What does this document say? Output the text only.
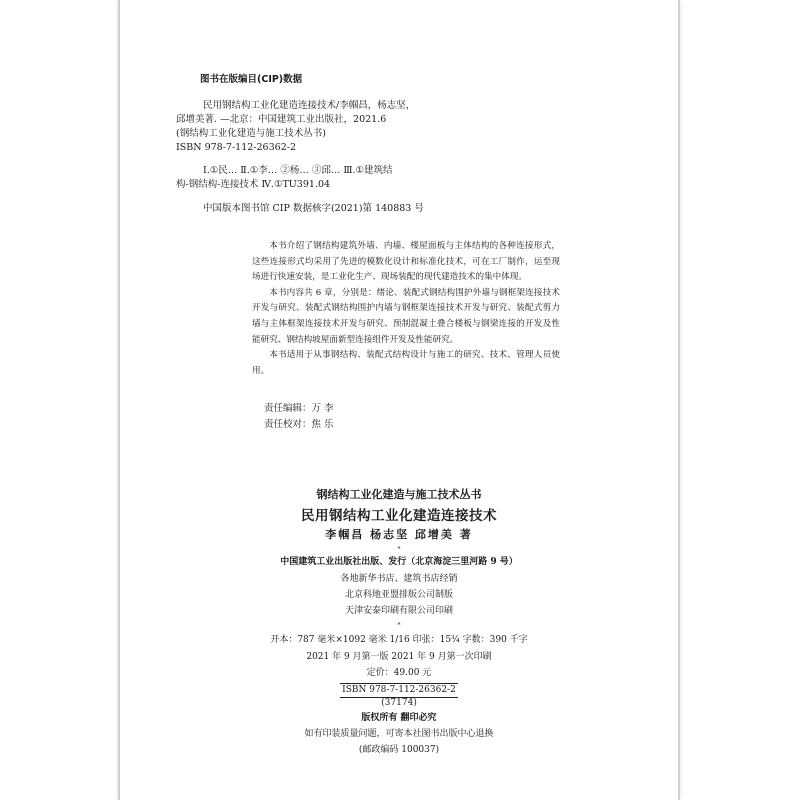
图书在版编目(CIP)数据
民用钢结构工业化建造连接技术/李帼昌，杨志坚，
邱增美著. —北京：中国建筑工业出版社，2021.6
(钢结构工业化建造与施工技术丛书)
ISBN 978-7-112-26362-2
Ⅰ.①民… Ⅱ.①李… ②杨… ③邱… Ⅲ.①建筑结
构-钢结构-连接技术 Ⅳ.①TU391.04
中国版本图书馆 CIP 数据核字(2021)第 140883 号

本书介绍了钢结构建筑外墙、内墙、楼屋面板与主体结构的各种连接形式，这些连接形式均采用了先进的模数化设计和标准化技术，可在工厂制作，运至现场进行快速安装，是工业化生产、现场装配的现代建造技术的集中体现。

本书内容共 6 章，分别是：绪论、装配式钢结构围护外墙与钢框架连接技术开发与研究、装配式钢结构围护内墙与钢框架连接技术开发与研究、装配式剪力墙与主体框架连接技术开发与研究、预制混凝土叠合楼板与钢梁连接的开发及性能研究、钢结构坡屋面新型连接组件开发及性能研究。

本书适用于从事钢结构、装配式结构设计与施工的研究、技术、管理人员使用。

责任编辑：万 李
责任校对：焦 乐
钢结构工业化建造与施工技术丛书
民用钢结构工业化建造连接技术
李帼昌 杨志坚 邱增美 著
*
中国建筑工业出版社出版、发行（北京海淀三里河路 9 号）
各地新华书店、建筑书店经销
北京科地亚盟排版公司制版
天津安泰印刷有限公司印刷
*
开本：787 毫米×1092 毫米 1/16 印张：15¾ 字数：390 千字
2021 年 9 月第一版 2021 年 9 月第一次印刷
定价：49.00 元
ISBN 978-7-112-26362-2
(37174)
版权所有 翻印必究
如有印装质量问题，可寄本社图书出版中心退换
(邮政编码 100037)
